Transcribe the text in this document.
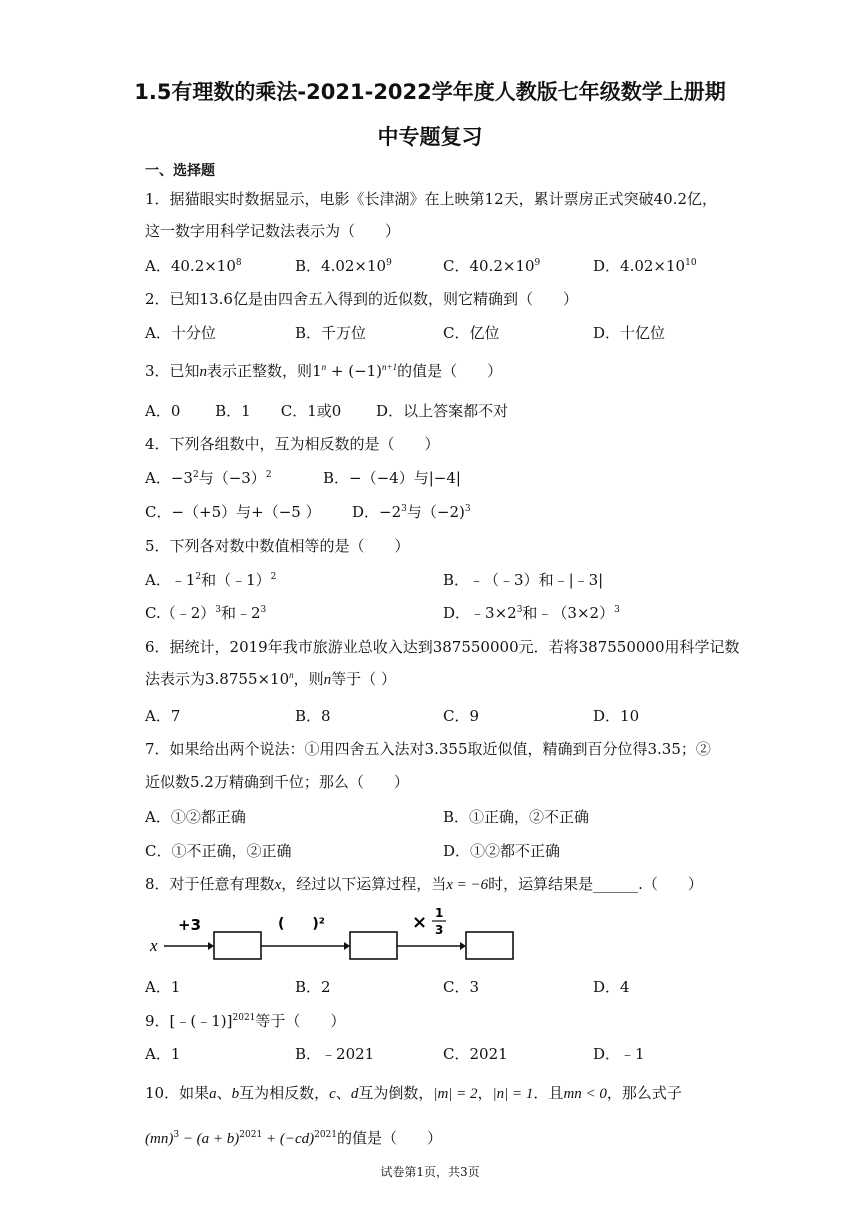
1.5有理数的乘法-2021-2022学年度人教版七年级数学上册期
中专题复习
一、选择题
1．据猫眼实时数据显示，电影《长津湖》在上映第12天，累计票房正式突破40.2亿，
这一数字用科学记数法表示为（　　）
A．$40.2\times 10^8$	B．$4.02\times 10^9$	C．$40.2\times 10^9$	D．$4.02\times 10^{10}$
2．已知13.6亿是由四舍五入得到的近似数，则它精确到（　　）
A．十分位	B．千万位	C．亿位	D．十亿位
3．已知n表示正整数，则$1^n + (-1)^{n+1}$的值是（　　）
A．0　　 B．1　　C．1或0　　 D．以上答案都不对
4．下列各组数中，互为相反数的是（　　）
A．$-3^2$与$(-3)^2$	B．−（−4）与|−4|
C．−（+5）与+（−5 ） D．$-2^3$与（−2)$^3$
5．下列各对数中数值相等的是（　　）
A．$﹣1^2$和（﹣1）$^2$	B．﹣（﹣3）和﹣|﹣3|
C.（﹣2）$^3$和$﹣2^3$	D．$﹣3\times 2^3$和$﹣(3\times 2)^3$
6．据统计，2019年我市旅游业总收入达到387550000元．若将387550000用科学记数
法表示为$3.8755\times 10^n$，则n等于（ ）
A．7	B．8	C．9	D．10
7．如果给出两个说法：①用四舍五入法对3.355取近似值，精确到百分位得3.35；②
近似数5.2万精确到千位；那么（　　）
A．①②都正确	B．①正确，②不正确
C．①不正确，②正确	D．①②都不正确
8．对于任意有理数x，经过以下运算过程，当x = −6时，运算结果是______.（　　）
x
+3	(　　)²	× 1
3
A．1	B．2	C．3	D．4
9．[﹣(﹣1)]$^{2021}$等于（　　）
A．1	B．﹣2021	C．2021	D．﹣1
10．如果a、b互为相反数，c、d互为倒数，|m| = 2，|n| = 1．且mn < 0，那么式子
$(mn)^3 - (a + b)^{2021} + (-cd)^{2021}$的值是（　　）
试卷第1页，共3页
